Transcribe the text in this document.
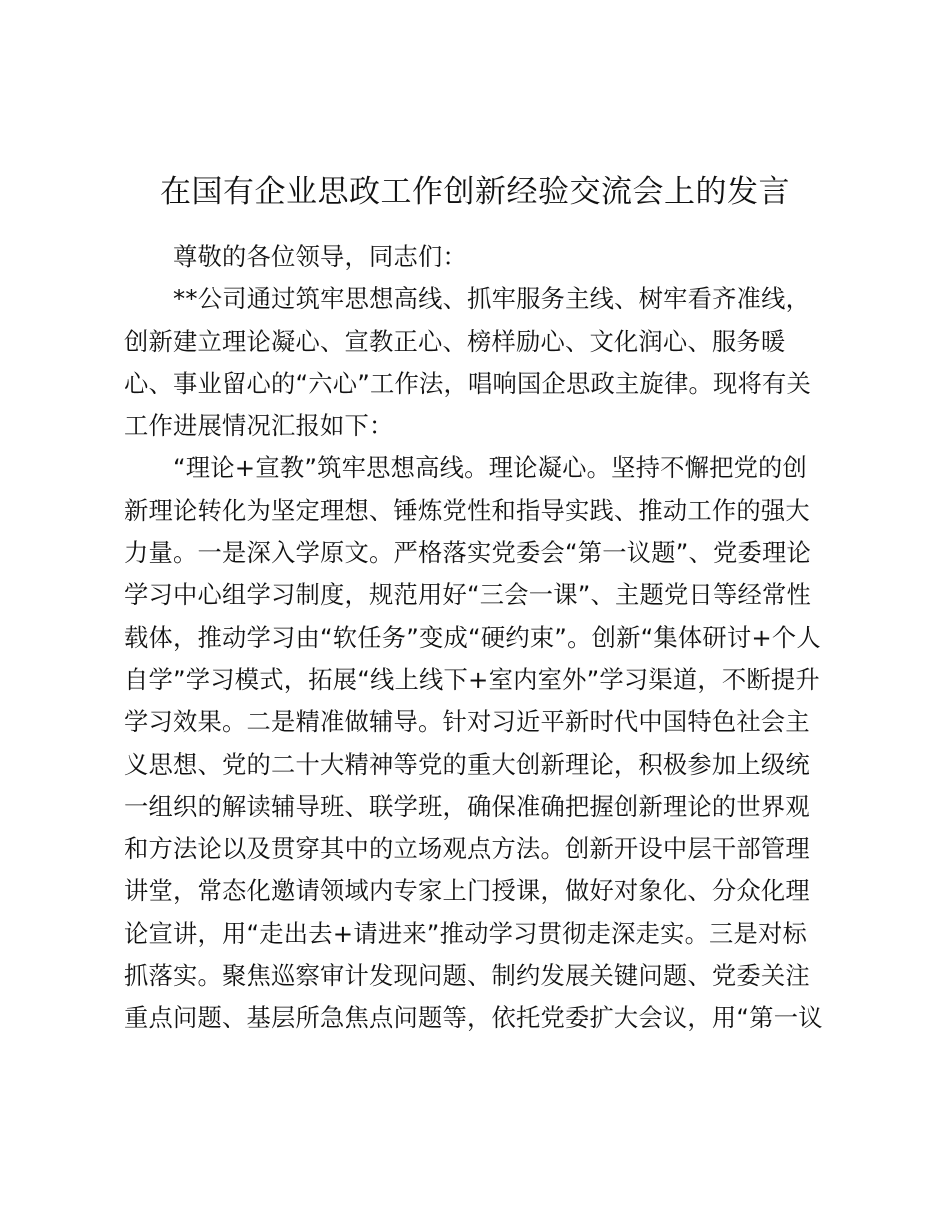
在国有企业思政工作创新经验交流会上的发言
尊敬的各位领导，同志们：
**公司通过筑牢思想高线、抓牢服务主线、树牢看齐准线，
创新建立理论凝心、宣教正心、榜样励心、文化润心、服务暖
心、事业留心的“六心”工作法，唱响国企思政主旋律。现将有关
工作进展情况汇报如下：
“理论+宣教”筑牢思想高线。理论凝心。坚持不懈把党的创
新理论转化为坚定理想、锤炼党性和指导实践、推动工作的强大
力量。一是深入学原文。严格落实党委会“第一议题”、党委理论
学习中心组学习制度，规范用好“三会一课”、主题党日等经常性
载体，推动学习由“软任务”变成“硬约束”。创新“集体研讨+个人
自学”学习模式，拓展“线上线下+室内室外”学习渠道，不断提升
学习效果。二是精准做辅导。针对习近平新时代中国特色社会主
义思想、党的二十大精神等党的重大创新理论，积极参加上级统
一组织的解读辅导班、联学班，确保准确把握创新理论的世界观
和方法论以及贯穿其中的立场观点方法。创新开设中层干部管理
讲堂，常态化邀请领域内专家上门授课，做好对象化、分众化理
论宣讲，用“走出去+请进来”推动学习贯彻走深走实。三是对标
抓落实。聚焦巡察审计发现问题、制约发展关键问题、党委关注
重点问题、基层所急焦点问题等，依托党委扩大会议，用“第一议
